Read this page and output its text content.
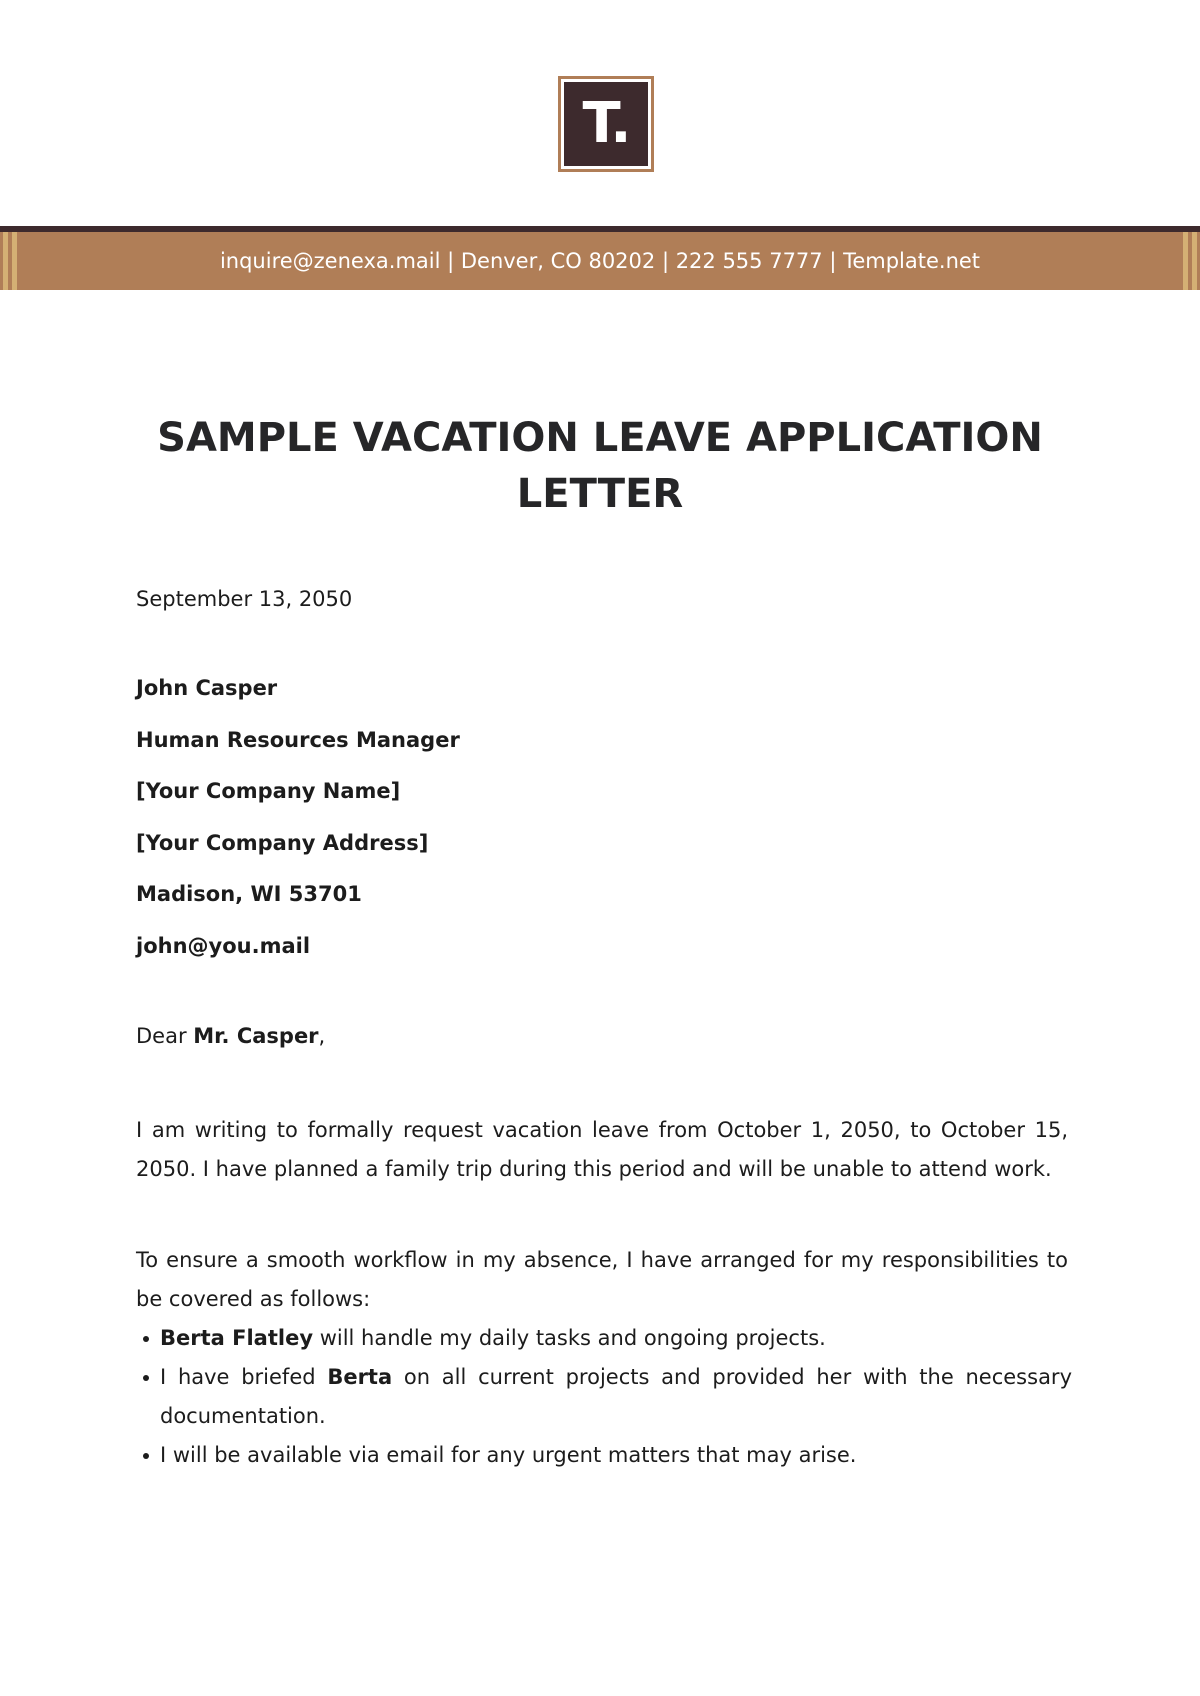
T.
inquire@zenexa.mail | Denver, CO 80202 | 222 555 7777 | Template.net
SAMPLE VACATION LEAVE APPLICATION LETTER
September 13, 2050
John Casper
Human Resources Manager
[Your Company Name]
[Your Company Address]
Madison, WI 53701
john@you.mail
Dear Mr. Casper,

I am writing to formally request vacation leave from October 1, 2050, to October 15, 2050. I have planned a family trip during this period and will be unable to attend work.

To ensure a smooth workflow in my absence, I have arranged for my responsibilities to be covered as follows:

Berta Flatley will handle my daily tasks and ongoing projects.
I have briefed Berta on all current projects and provided her with the necessary documentation.
I will be available via email for any urgent matters that may arise.
